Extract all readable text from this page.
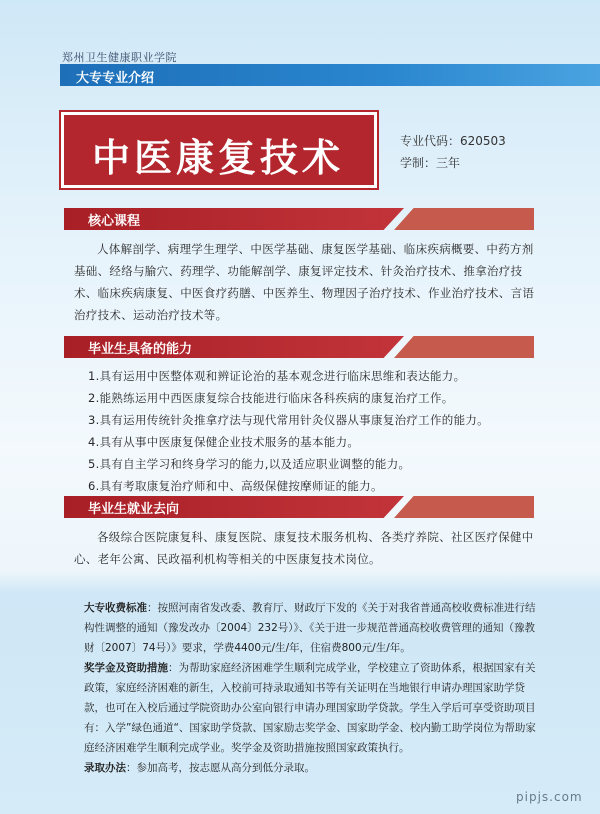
郑州卫生健康职业学院
大专专业介绍
中医康复技术	专业代码：620503
学制：三年
核心课程
人体解剖学、病理学生理学、中医学基础、康复医学基础、临床疾病概要、中药方剂基础、经络与腧穴、药理学、功能解剖学、康复评定技术、针灸治疗技术、推拿治疗技术、临床疾病康复、中医食疗药膳、中医养生、物理因子治疗技术、作业治疗技术、言语治疗技术、运动治疗技术等。
毕业生具备的能力
1.具有运用中医整体观和辨证论治的基本观念进行临床思维和表达能力。
2.能熟练运用中西医康复综合技能进行临床各科疾病的康复治疗工作。
3.具有运用传统针灸推拿疗法与现代常用针灸仪器从事康复治疗工作的能力。
4.具有从事中医康复保健企业技术服务的基本能力。
5.具有自主学习和终身学习的能力,以及适应职业调整的能力。
6.具有考取康复治疗师和中、高级保健按摩师证的能力。
毕业生就业去向
各级综合医院康复科、康复医院、康复技术服务机构、各类疗养院、社区医疗保健中心、老年公寓、民政福利机构等相关的中医康复技术岗位。

大专收费标准：按照河南省发改委、教育厅、财政厅下发的《关于对我省普通高校收费标准进行结构性调整的通知（豫发改办〔2004〕232号）》、《关于进一步规范普通高校收费管理的通知（豫教财〔2007〕74号）》要求，学费4400元/生/年，住宿费800元/生/年。

奖学金及资助措施：为帮助家庭经济困难学生顺利完成学业，学校建立了资助体系，根据国家有关政策，家庭经济困难的新生，入校前可持录取通知书等有关证明在当地银行申请办理国家助学贷款，也可在入校后通过学院资助办公室向银行申请办理国家助学贷款。学生入学后可享受资助项目有：入学”绿色通道“、国家助学贷款、国家励志奖学金、国家助学金、校内勤工助学岗位为帮助家庭经济困难学生顺利完成学业。奖学金及资助措施按照国家政策执行。

录取办法：参加高考，按志愿从高分到低分录取。

pipjs.com
